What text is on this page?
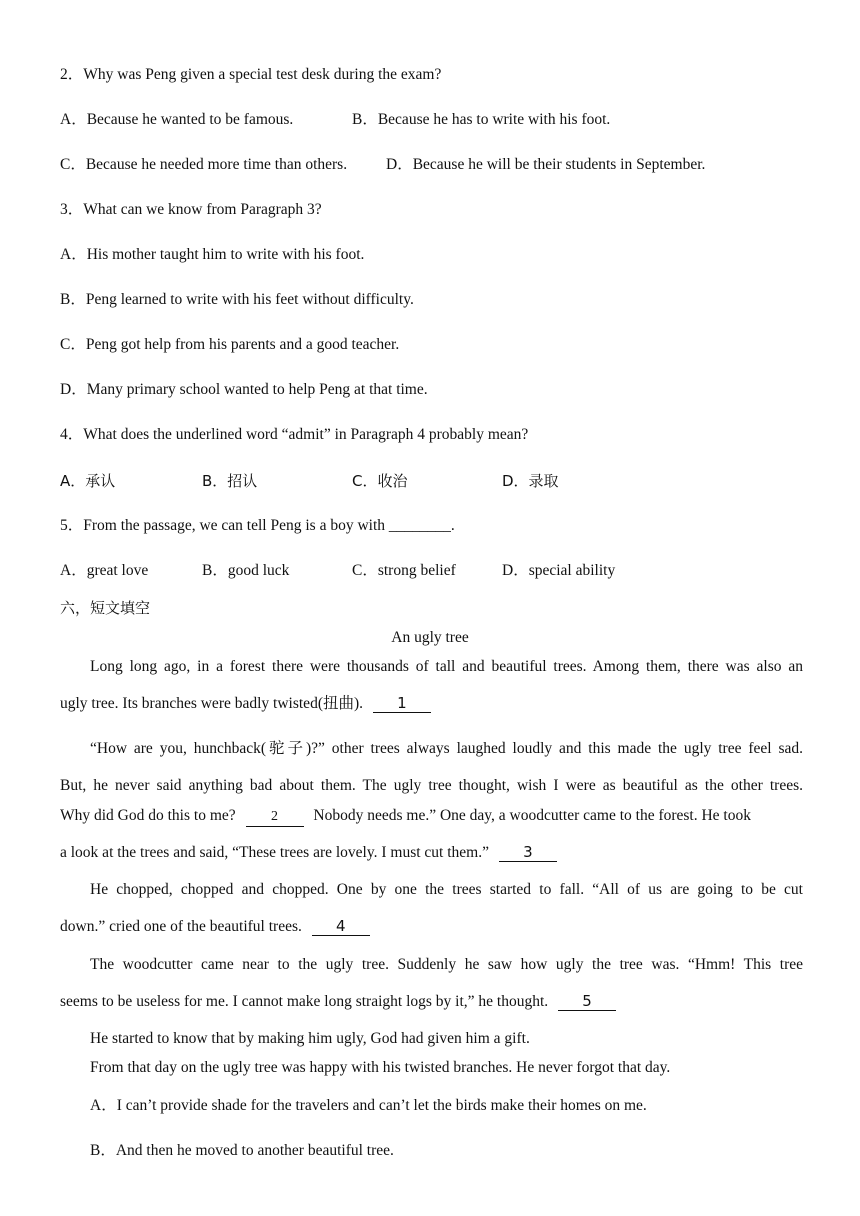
2．Why was Peng given a special test desk during the exam?
A．Because he wanted to be famous.	B．Because he has to write with his foot.
C．Because he needed more time than others.	D．Because he will be their students in September.
3．What can we know from Paragraph 3?
A．His mother taught him to write with his foot.
B．Peng learned to write with his feet without difficulty.
C．Peng got help from his parents and a good teacher.
D．Many primary school wanted to help Peng at that time.
4．What does the underlined word “admit” in Paragraph 4 probably mean?
A．承认	B．招认	C．收治	D．录取
5．From the passage, we can tell Peng is a boy with ________.
A．great love	B．good luck	C．strong belief	D．special ability
六，短文填空
An ugly tree
Long long ago, in a forest there were thousands of tall and beautiful trees. Among them, there was also an
ugly tree. Its branches were badly twisted(扭曲). 1
“How are you, hunchback(驼子)?” other trees always laughed loudly and this made the ugly tree feel sad.
But, he never said anything bad about them. The ugly tree thought, wish I were as beautiful as the other trees.
Why did God do this to me?	2 Nobody needs me.” One day, a woodcutter came to the forest. He took
a look at the trees and said, “These trees are lovely. I must cut them.” 3
He chopped, chopped and chopped. One by one the trees started to fall. “All of us are going to be cut
down.” cried one of the beautiful trees. 4
The woodcutter came near to the ugly tree. Suddenly he saw how ugly the tree was. “Hmm! This tree
seems to be useless for me. I cannot make long straight logs by it,” he thought. 5
He started to know that by making him ugly, God had given him a gift.
From that day on the ugly tree was happy with his twisted branches. He never forgot that day.
A．I can’t provide shade for the travelers and can’t let the birds make their homes on me.
B．And then he moved to another beautiful tree.
